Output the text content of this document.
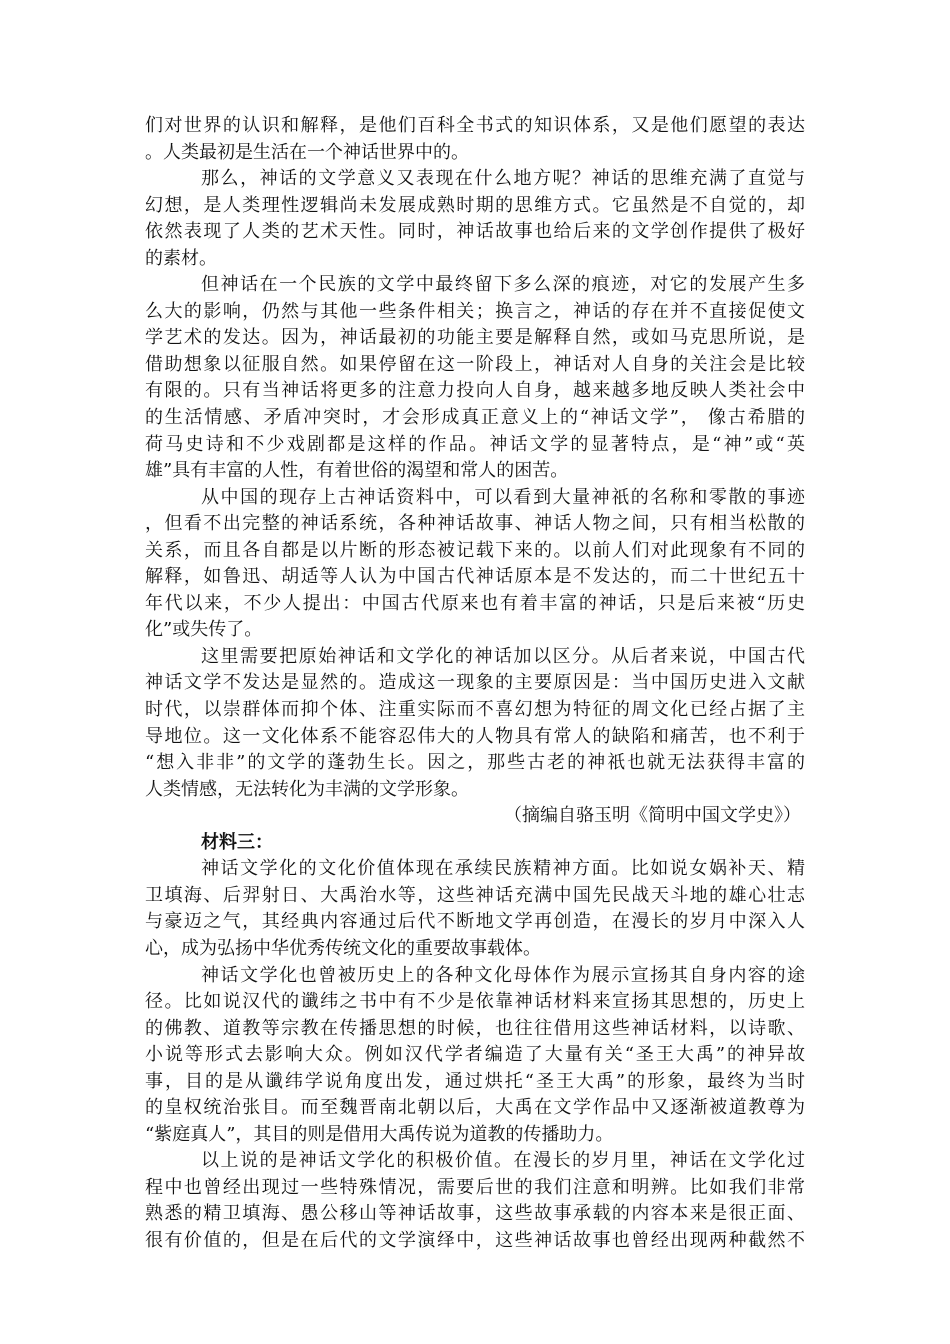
们对世界的认识和解释，是他们百科全书式的知识体系，又是他们愿望的表达
。人类最初是生活在一个神话世界中的。
那么，神话的文学意义又表现在什么地方呢？神话的思维充满了直觉与
幻想，是人类理性逻辑尚未发展成熟时期的思维方式。它虽然是不自觉的，却
依然表现了人类的艺术天性。同时，神话故事也给后来的文学创作提供了极好
的素材。
但神话在一个民族的文学中最终留下多么深的痕迹，对它的发展产生多
么大的影响，仍然与其他一些条件相关；换言之，神话的存在并不直接促使文
学艺术的发达。因为，神话最初的功能主要是解释自然，或如马克思所说，是
借助想象以征服自然。如果停留在这一阶段上，神话对人自身的关注会是比较
有限的。只有当神话将更多的注意力投向人自身，越来越多地反映人类社会中
的生活情感、矛盾冲突时，才会形成真正意义上的“神话文学”， 像古希腊的
荷马史诗和不少戏剧都是这样的作品。神话文学的显著特点，是“神”或“英
雄”具有丰富的人性，有着世俗的渴望和常人的困苦。
从中国的现存上古神话资料中，可以看到大量神祇的名称和零散的事迹
，但看不出完整的神话系统，各种神话故事、神话人物之间，只有相当松散的
关系，而且各自都是以片断的形态被记载下来的。以前人们对此现象有不同的
解释，如鲁迅、胡适等人认为中国古代神话原本是不发达的，而二十世纪五十
年代以来，不少人提出：中国古代原来也有着丰富的神话，只是后来被“历史
化”或失传了。
这里需要把原始神话和文学化的神话加以区分。从后者来说，中国古代
神话文学不发达是显然的。造成这一现象的主要原因是：当中国历史进入文献
时代，以崇群体而抑个体、注重实际而不喜幻想为特征的周文化已经占据了主
导地位。这一文化体系不能容忍伟大的人物具有常人的缺陷和痛苦，也不利于
“想入非非”的文学的蓬勃生长。因之，那些古老的神祇也就无法获得丰富的
人类情感，无法转化为丰满的文学形象。
（摘编自骆玉明《简明中国文学史》）
材料三：
神话文学化的文化价值体现在承续民族精神方面。比如说女娲补天、精
卫填海、后羿射日、大禹治水等，这些神话充满中国先民战天斗地的雄心壮志
与豪迈之气，其经典内容通过后代不断地文学再创造，在漫长的岁月中深入人
心，成为弘扬中华优秀传统文化的重要故事载体。
神话文学化也曾被历史上的各种文化母体作为展示宣扬其自身内容的途
径。比如说汉代的谶纬之书中有不少是依靠神话材料来宣扬其思想的，历史上
的佛教、道教等宗教在传播思想的时候，也往往借用这些神话材料，以诗歌、
小说等形式去影响大众。例如汉代学者编造了大量有关“圣王大禹”的神异故
事，目的是从谶纬学说角度出发，通过烘托“圣王大禹”的形象，最终为当时
的皇权统治张目。而至魏晋南北朝以后，大禹在文学作品中又逐渐被道教尊为
“紫庭真人”，其目的则是借用大禹传说为道教的传播助力。
以上说的是神话文学化的积极价值。在漫长的岁月里，神话在文学化过
程中也曾经出现过一些特殊情况，需要后世的我们注意和明辨。比如我们非常
熟悉的精卫填海、愚公移山等神话故事，这些故事承载的内容本来是很正面、
很有价值的，但是在后代的文学演绎中，这些神话故事也曾经出现两种截然不
